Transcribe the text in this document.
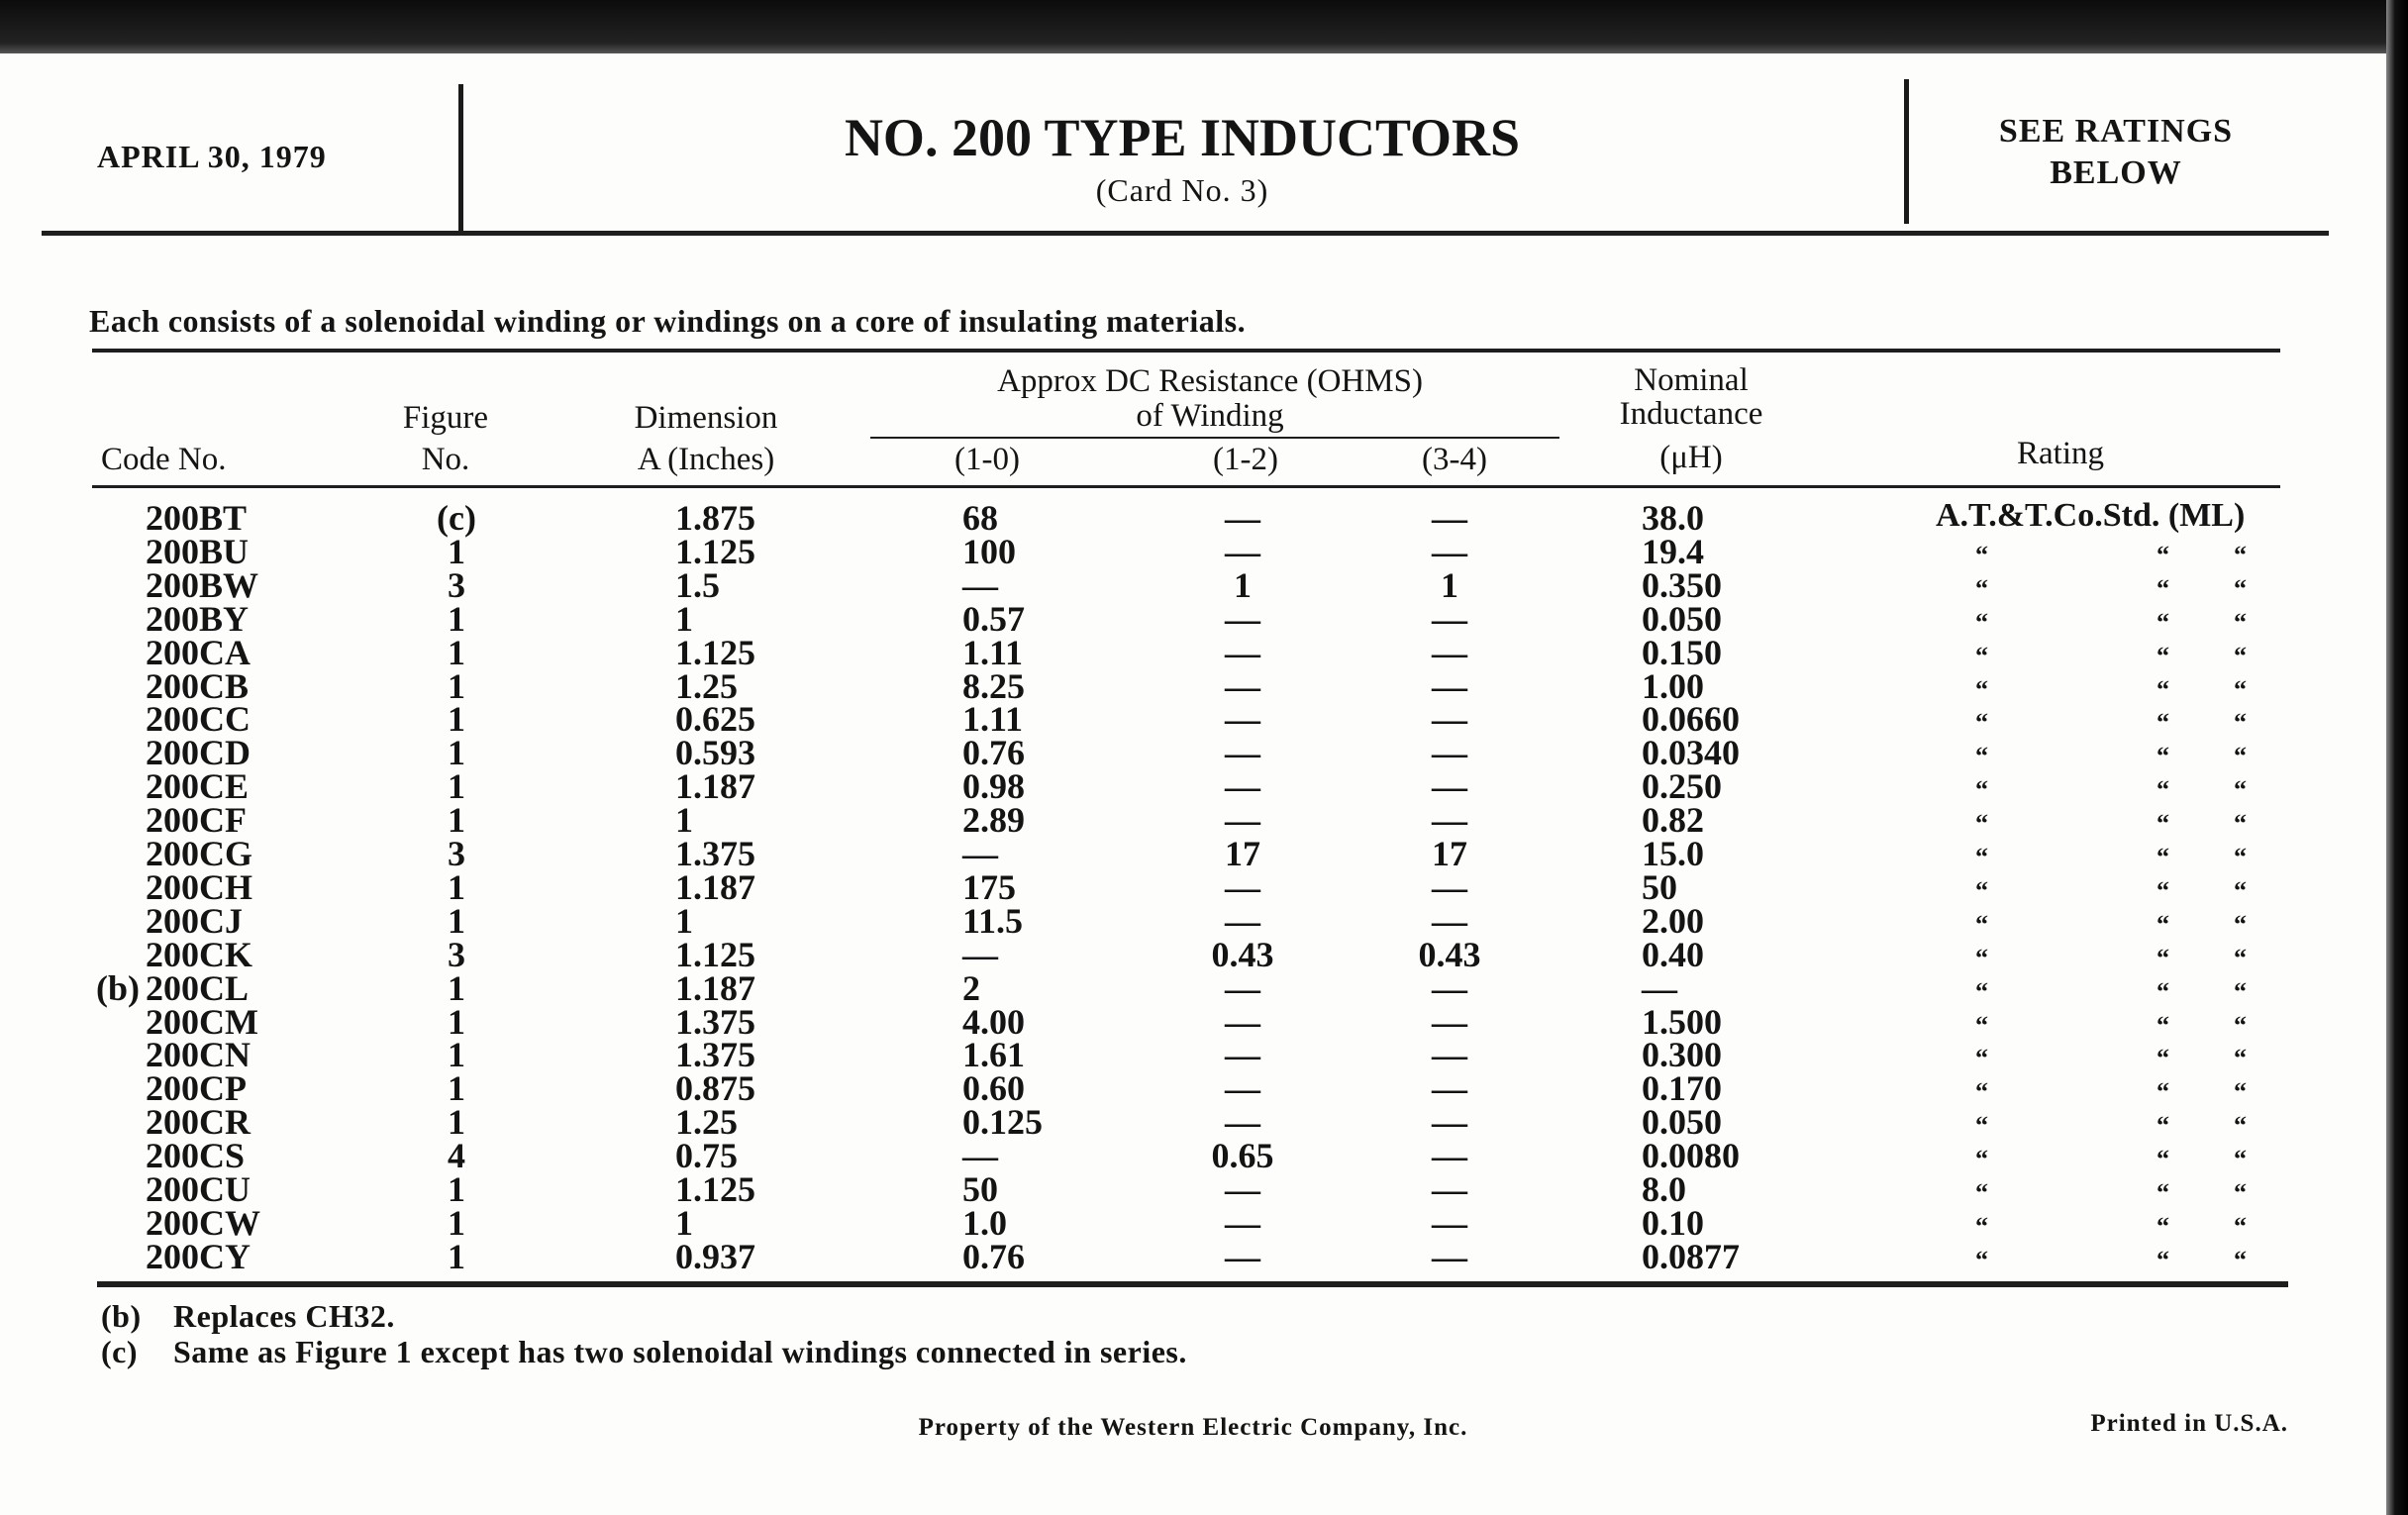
APRIL 30, 1979	NO. 200 TYPE INDUCTORS
(Card No. 3)
SEE RATINGS
BELOW
Each consists of a solenoidal winding or windings on a core of insulating materials.
Code No.
Figure
No.
Dimension
A (Inches)
Approx DC Resistance (OHMS)
of Winding
(1-0)	(1-2)	(3-4)
Nominal
Inductance
(μH)	Rating
200BT	(c)	1.875	68	—	—	38.0	A.T.&T.Co.Std. (ML)
200BU	1	1.125	100	—	—	19.4	“	“	“
200BW	3	1.5	—	1	1	0.350	“	“	“
200BY	1	1	0.57	—	—	0.050	“	“	“
200CA	1	1.125	1.11	—	—	0.150	“	“	“
200CB	1	1.25	8.25	—	—	1.00	“	“	“
200CC	1	0.625	1.11	—	—	0.0660	“	“	“
200CD	1	0.593	0.76	—	—	0.0340	“	“	“
200CE	1	1.187	0.98	—	—	0.250	“	“	“
200CF	1	1	2.89	—	—	0.82	“	“	“
200CG	3	1.375	—	17	17	15.0	“	“	“
200CH	1	1.187	175	—	—	50	“	“	“
200CJ	1	1	11.5	—	—	2.00	“	“	“
200CK	3	1.125	—	0.43	0.43	0.40	“	“	“
(b) 200CL	1	1.187	2	—	—	—	“	“	“
200CM	1	1.375	4.00	—	—	1.500	“	“	“
200CN	1	1.375	1.61	—	—	0.300	“	“	“
200CP	1	0.875	0.60	—	—	0.170	“	“	“
200CR	1	1.25	0.125	—	—	0.050	“	“	“
200CS	4	0.75	—	0.65	—	0.0080	“	“	“
200CU	1	1.125	50	—	—	8.0	“	“	“
200CW	1	1	1.0	—	—	0.10	“	“	“
200CY	1	0.937	0.76	—	—	0.0877	“	“	“
(b) Replaces CH32.
(c) Same as Figure 1 except has two solenoidal windings connected in series.
Property of the Western Electric Company, Inc.	Printed in U.S.A.
